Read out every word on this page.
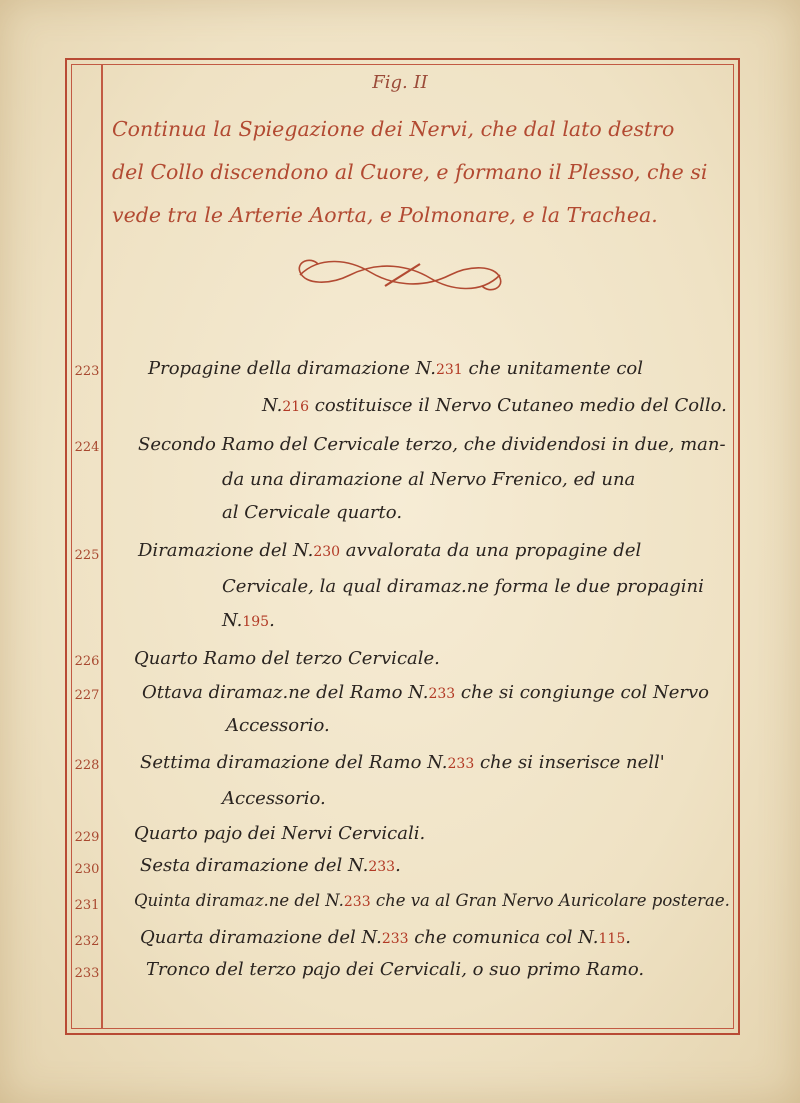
Fig. II
Continua la Spiegazione dei Nervi, che dal lato destro
del Collo discendono al Cuore, e formano il Plesso, che si
vede tra le Arterie Aorta, e Polmonare, e la Trachea.
223	Propagine della diramazione N.231 che unitamente col
N.216 costituisce il Nervo Cutaneo medio del Collo.
224 Secondo Ramo del Cervicale terzo, che dividendosi in due, man-
da una diramazione al Nervo Frenico, ed una
al Cervicale quarto.
225 Diramazione del N.230 avvalorata da una propagine del
Cervicale, la qual diramaz.ne forma le due propagini
N.195.
226 Quarto Ramo del terzo Cervicale.
227 Ottava diramaz.ne del Ramo N.233 che si congiunge col Nervo
Accessorio.
228 Settima diramazione del Ramo N.233 che si inserisce nell'
Accessorio.
229 Quarto pajo dei Nervi Cervicali.
230 Sesta diramazione del N.233.
231 Quinta diramaz.ne del N.233 che va al Gran Nervo Auricolare posterae.
232 Quarta diramazione del N.233 che comunica col N.115.
233	Tronco del terzo pajo dei Cervicali, o suo primo Ramo.
